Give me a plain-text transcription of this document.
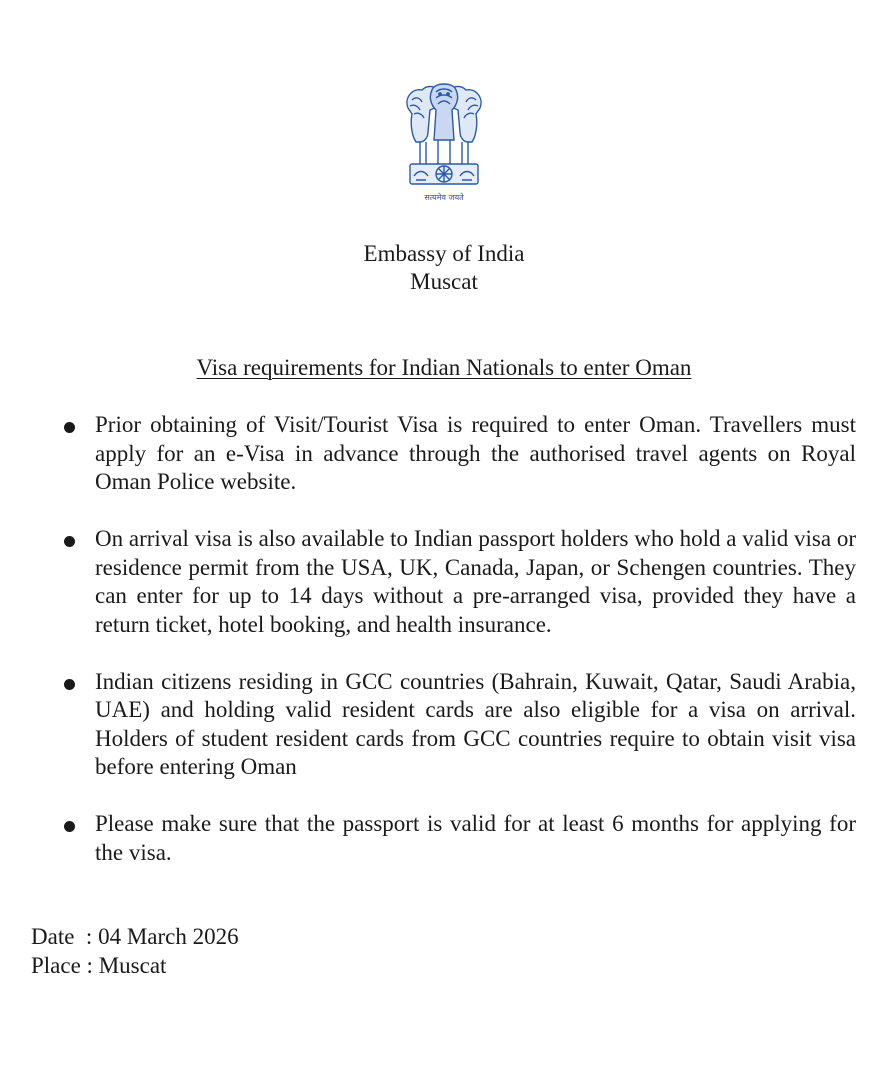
सत्यमेव जयते
Embassy of India
Muscat
Visa requirements for Indian Nationals to enter Oman
Prior obtaining of Visit/Tourist Visa is required to enter Oman. Travellers must apply for an e-Visa in advance through the authorised travel agents on Royal Oman Police website.
On arrival visa is also available to Indian passport holders who hold a valid visa or residence permit from the USA, UK, Canada, Japan, or Schengen countries. They can enter for up to 14 days without a pre-arranged visa, provided they have a return ticket, hotel booking, and health insurance.
Indian citizens residing in GCC countries (Bahrain, Kuwait, Qatar, Saudi Arabia, UAE) and holding valid resident cards are also eligible for a visa on arrival. Holders of student resident cards from GCC countries require to obtain visit visa before entering Oman
Please make sure that the passport is valid for at least 6 months for applying for the visa.
Date  : 04 March 2026
Place : Muscat
